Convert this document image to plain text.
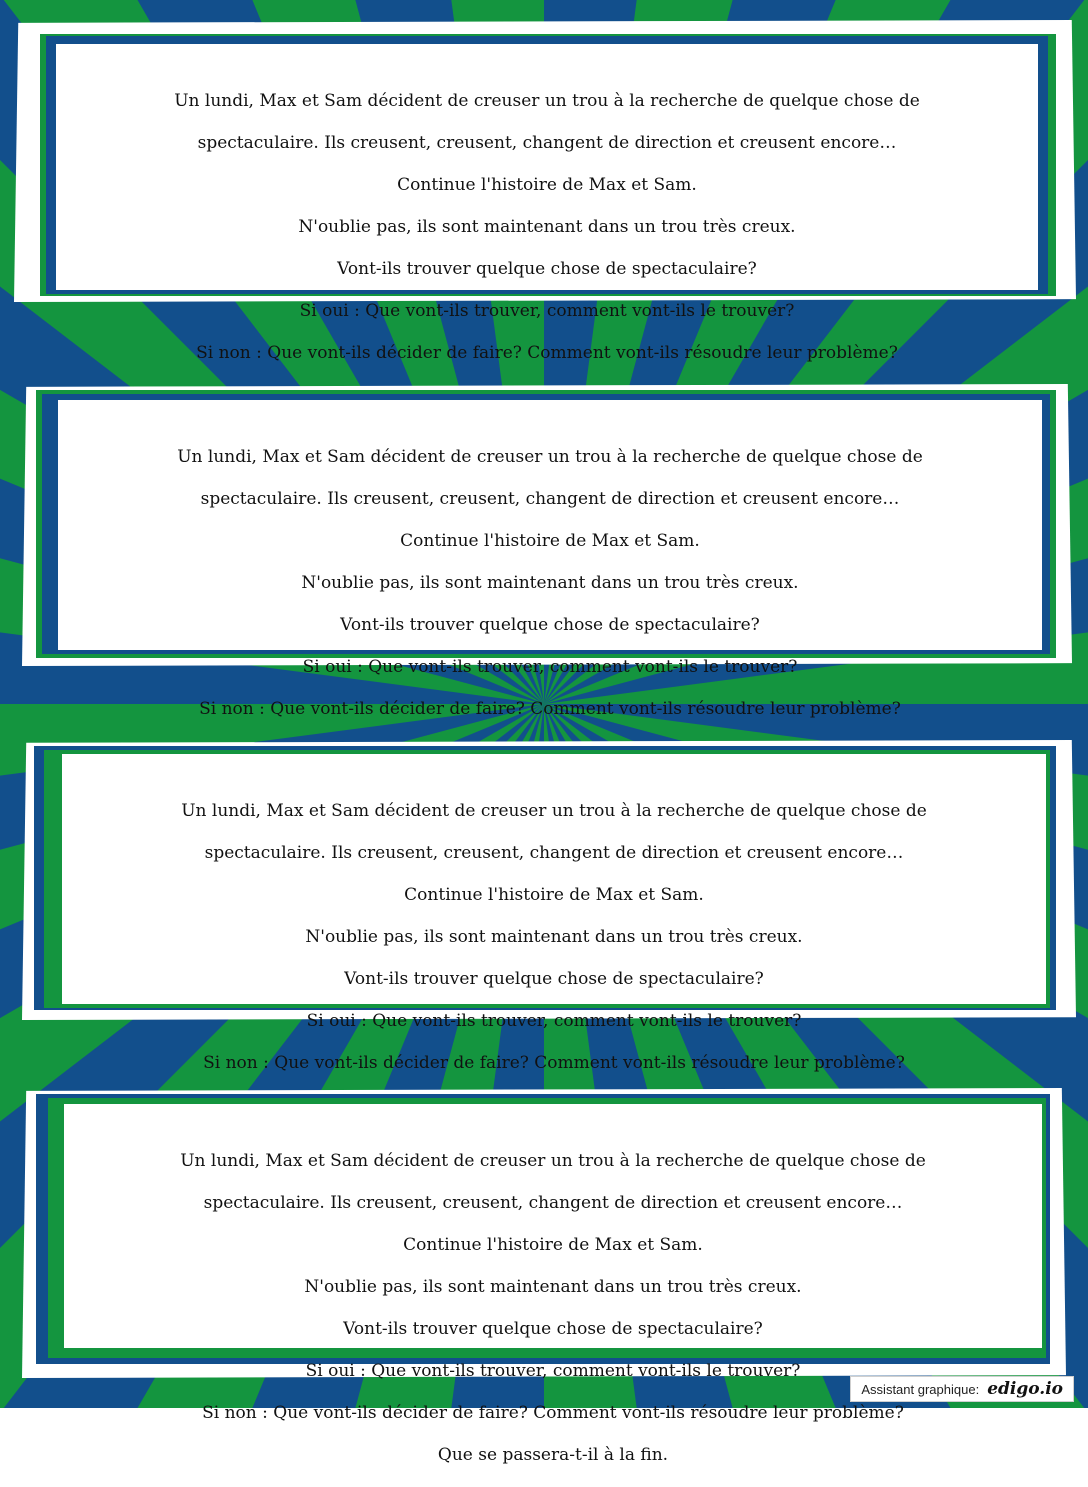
Un lundi, Max et Sam décident de creuser un trou à la recherche de quelque chose de

spectaculaire. Ils creusent, creusent, changent de direction et creusent encore…

Continue l'histoire de Max et Sam.

N'oublie pas, ils sont maintenant dans un trou très creux.

Vont-ils trouver quelque chose de spectaculaire?

Si oui : Que vont-ils trouver, comment vont-ils le trouver?

Si non : Que vont-ils décider de faire? Comment vont-ils résoudre leur problème?

Un lundi, Max et Sam décident de creuser un trou à la recherche de quelque chose de

spectaculaire. Ils creusent, creusent, changent de direction et creusent encore…

Continue l'histoire de Max et Sam.

N'oublie pas, ils sont maintenant dans un trou très creux.

Vont-ils trouver quelque chose de spectaculaire?

Si oui : Que vont-ils trouver, comment vont-ils le trouver?

Si non : Que vont-ils décider de faire? Comment vont-ils résoudre leur problème?

Un lundi, Max et Sam décident de creuser un trou à la recherche de quelque chose de

spectaculaire. Ils creusent, creusent, changent de direction et creusent encore…

Continue l'histoire de Max et Sam.

N'oublie pas, ils sont maintenant dans un trou très creux.

Vont-ils trouver quelque chose de spectaculaire?

Si oui : Que vont-ils trouver, comment vont-ils le trouver?

Si non : Que vont-ils décider de faire? Comment vont-ils résoudre leur problème?

Un lundi, Max et Sam décident de creuser un trou à la recherche de quelque chose de

spectaculaire. Ils creusent, creusent, changent de direction et creusent encore…

Continue l'histoire de Max et Sam.

N'oublie pas, ils sont maintenant dans un trou très creux.

Vont-ils trouver quelque chose de spectaculaire?

Si oui : Que vont-ils trouver, comment vont-ils le trouver?

Si non : Que vont-ils décider de faire? Comment vont-ils résoudre leur problème?

Que se passera-t-il à la fin.

Assistant graphique: edigo.io
